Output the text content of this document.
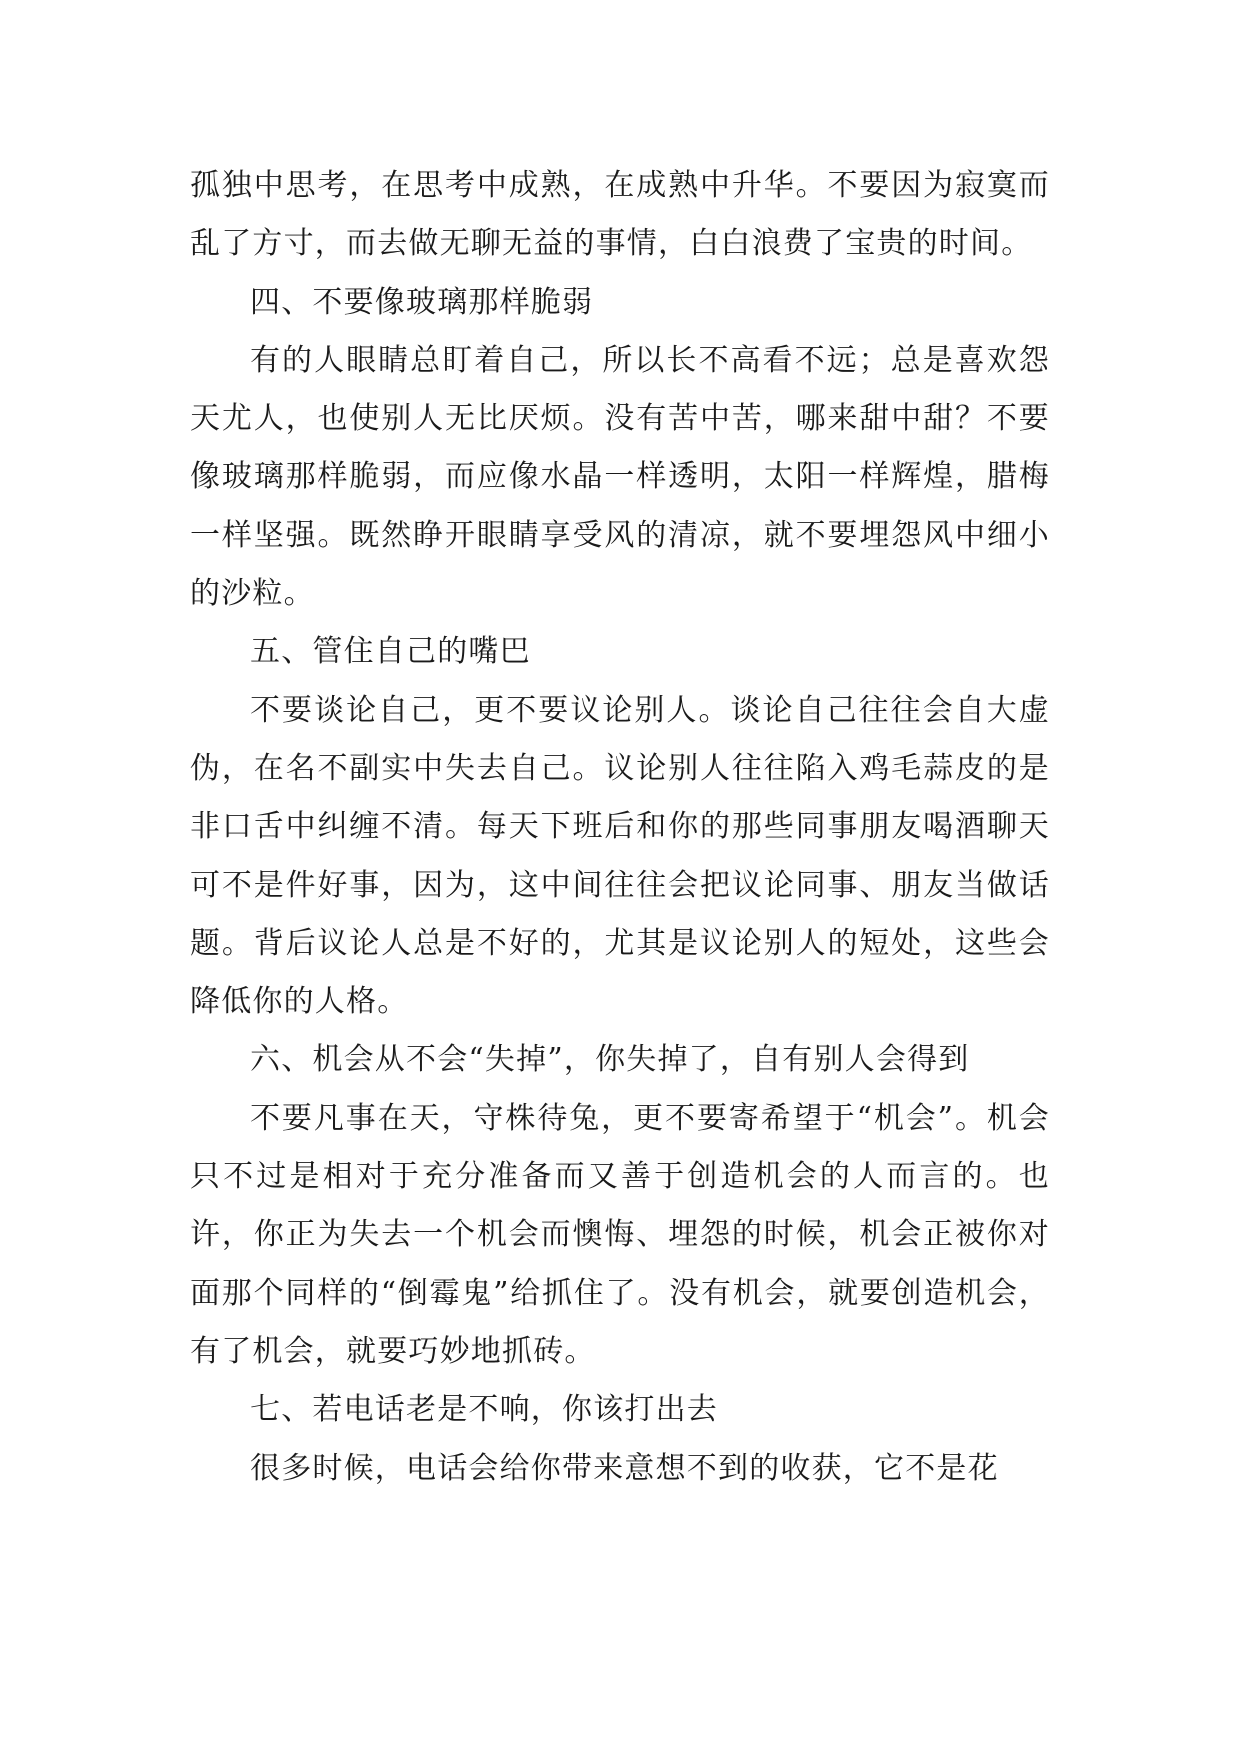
孤独中思考，在思考中成熟，在成熟中升华。不要因为寂寞而乱了方寸，而去做无聊无益的事情，白白浪费了宝贵的时间。

四、不要像玻璃那样脆弱

有的人眼睛总盯着自己，所以长不高看不远；总是喜欢怨天尤人，也使别人无比厌烦。没有苦中苦，哪来甜中甜？不要像玻璃那样脆弱，而应像水晶一样透明，太阳一样辉煌，腊梅一样坚强。既然睁开眼睛享受风的清凉，就不要埋怨风中细小的沙粒。

五、管住自己的嘴巴

不要谈论自己，更不要议论别人。谈论自己往往会自大虚伪，在名不副实中失去自己。议论别人往往陷入鸡毛蒜皮的是非口舌中纠缠不清。每天下班后和你的那些同事朋友喝酒聊天可不是件好事，因为，这中间往往会把议论同事、朋友当做话题。背后议论人总是不好的，尤其是议论别人的短处，这些会降低你的人格。

六、机会从不会“失掉”，你失掉了，自有别人会得到

不要凡事在天，守株待兔，更不要寄希望于“机会”。机会只不过是相对于充分准备而又善于创造机会的人而言的。也许，你正为失去一个机会而懊悔、埋怨的时候，机会正被你对面那个同样的“倒霉鬼”给抓住了。没有机会，就要创造机会，有了机会，就要巧妙地抓砖。

七、若电话老是不响，你该打出去

很多时候，电话会给你带来意想不到的收获，它不是花
